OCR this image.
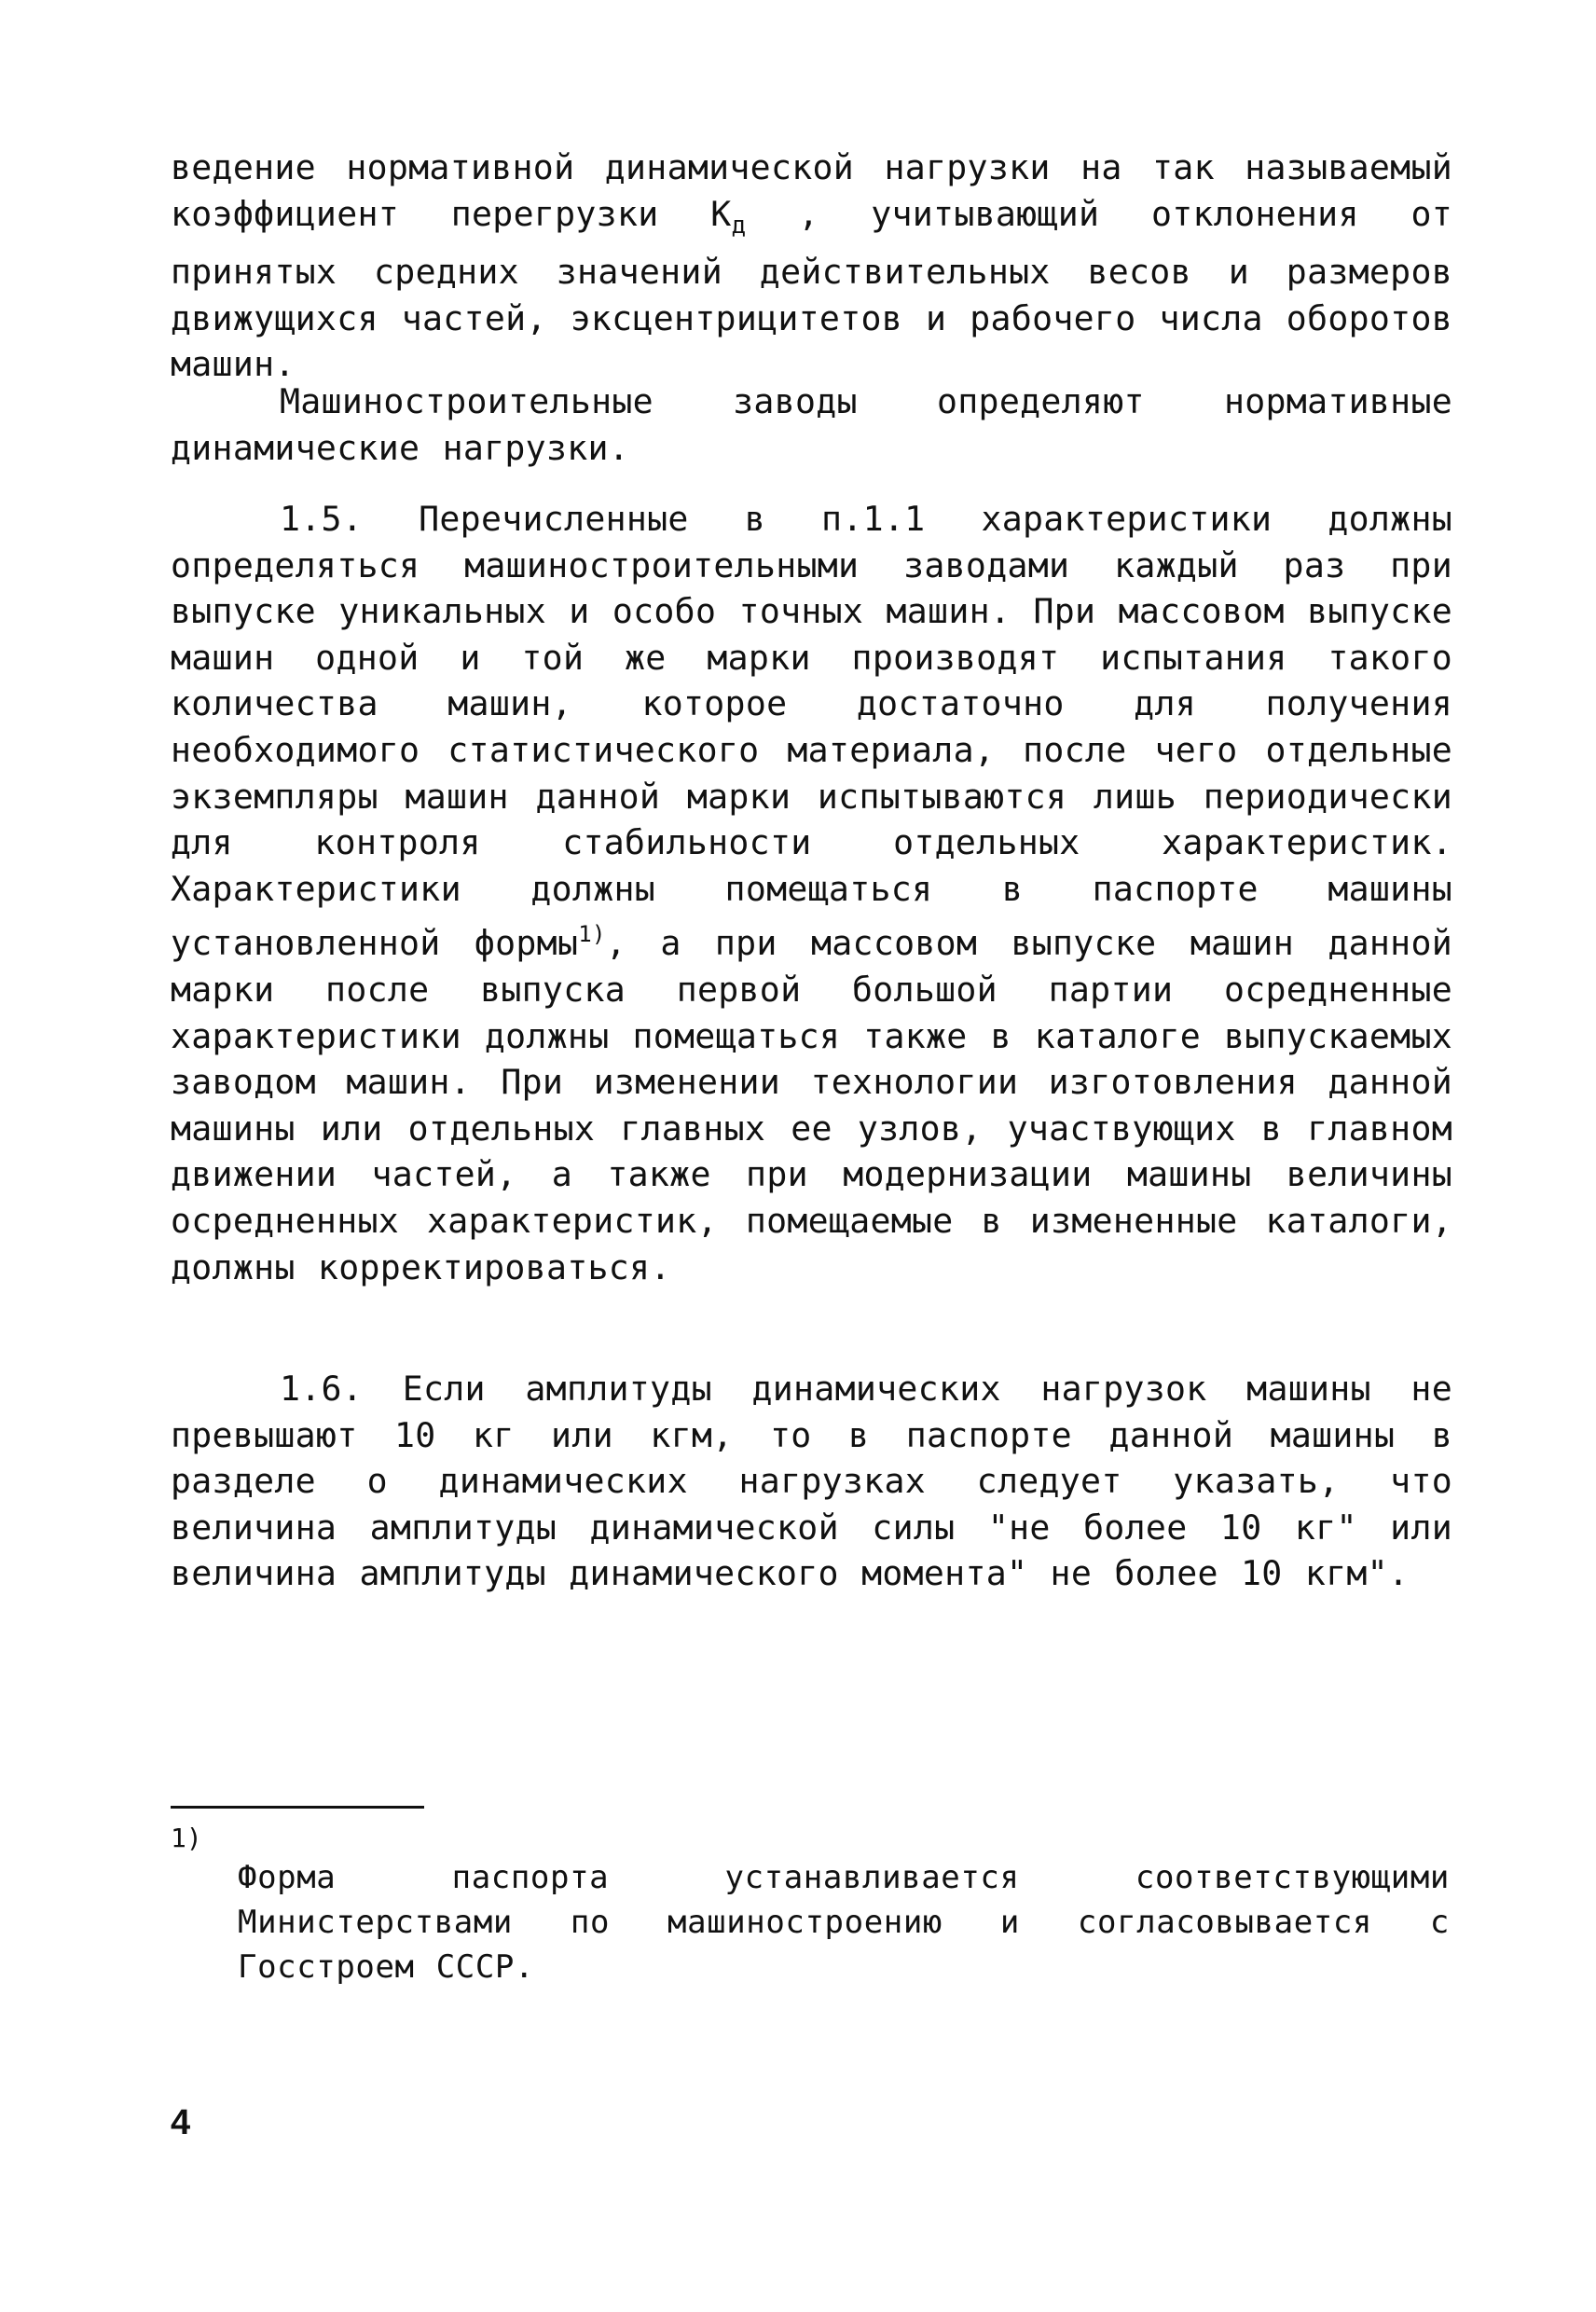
ведение нормативной динамической нагрузки на так называемый коэффициент перегрузки $К_д$ , учитывающий отклонения от принятых средних значений действительных весов и размеров движущихся частей, эксцентрицитетов и рабочего числа оборотов машин.

Машиностроительные заводы определяют нормативные динамические нагрузки.

1.5. Перечисленные в п.1.1 характеристики должны определяться машиностроительными заводами каждый раз при выпуске уникальных и особо точных машин. При массовом выпуске машин одной и той же марки производят испытания такого количества машин, которое достаточно для получения необходимого статистического материала, после чего отдельные экземпляры машин данной марки испытываются лишь периодически для контроля стабильности отдельных характеристик. Характеристики должны помещаться в паспорте машины установленной формы$^{1)}$, а при массовом выпуске машин данной марки после выпуска первой большой партии осредненные характеристики должны помещаться также в каталоге выпускаемых заводом машин. При изменении технологии изготовления данной машины или отдельных главных ее узлов, участвующих в главном движении частей, а также при модернизации машины величины осредненных характеристик, помещаемые в измененные каталоги, должны корректироваться.

1.6. Если амплитуды динамических нагрузок машины не превышают 10 кг или кгм, то в паспорте данной машины в разделе о динамических нагрузках следует указать, что величина амплитуды динамической силы "не более 10 кг" или величина амплитуды динамического момента" не более 10 кгм".

1)

Форма паспорта устанавливается соответствующими Министерствами по машиностроению и согласовывается с Госстроем СССР.

4
